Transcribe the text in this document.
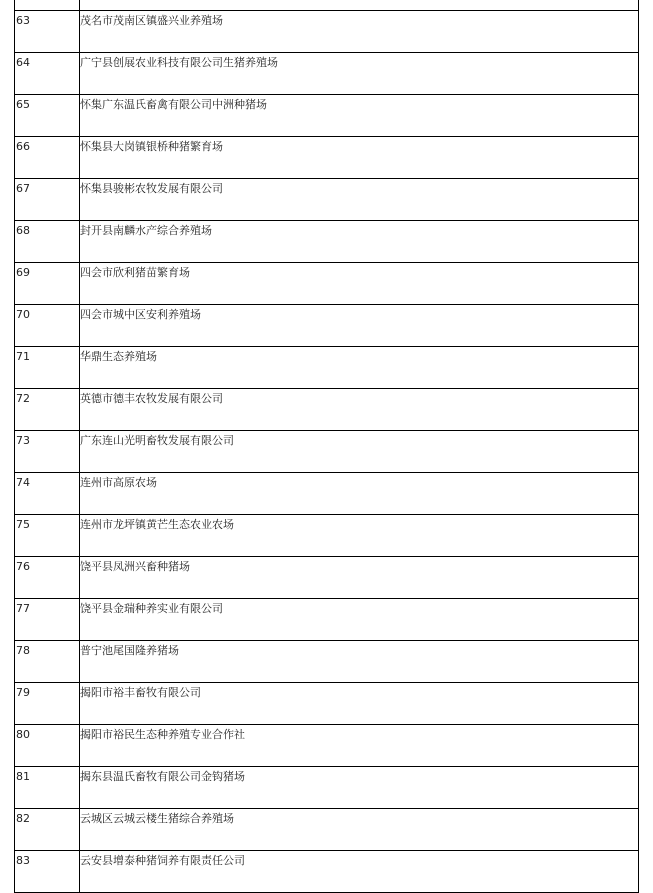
63	茂名市茂南区镇盛兴业养殖场
64	广宁县创展农业科技有限公司生猪养殖场
65	怀集广东温氏畜禽有限公司中洲种猪场
66	怀集县大岗镇银桥种猪繁育场
67	怀集县骏彬农牧发展有限公司
68	封开县南麟水产综合养殖场
69	四会市欣利猪苗繁育场
70	四会市城中区安利养殖场
71	华鼎生态养殖场
72	英德市德丰农牧发展有限公司
73	广东连山光明畜牧发展有限公司
74	连州市高原农场
75	连州市龙坪镇黄芒生态农业农场
76	饶平县凤洲兴畜种猪场
77	饶平县金瑞种养实业有限公司
78	普宁池尾国隆养猪场
79	揭阳市裕丰畜牧有限公司
80	揭阳市裕民生态种养殖专业合作社
81	揭东县温氏畜牧有限公司金钩猪场
82	云城区云城云楼生猪综合养殖场
83	云安县增泰种猪饲养有限责任公司
